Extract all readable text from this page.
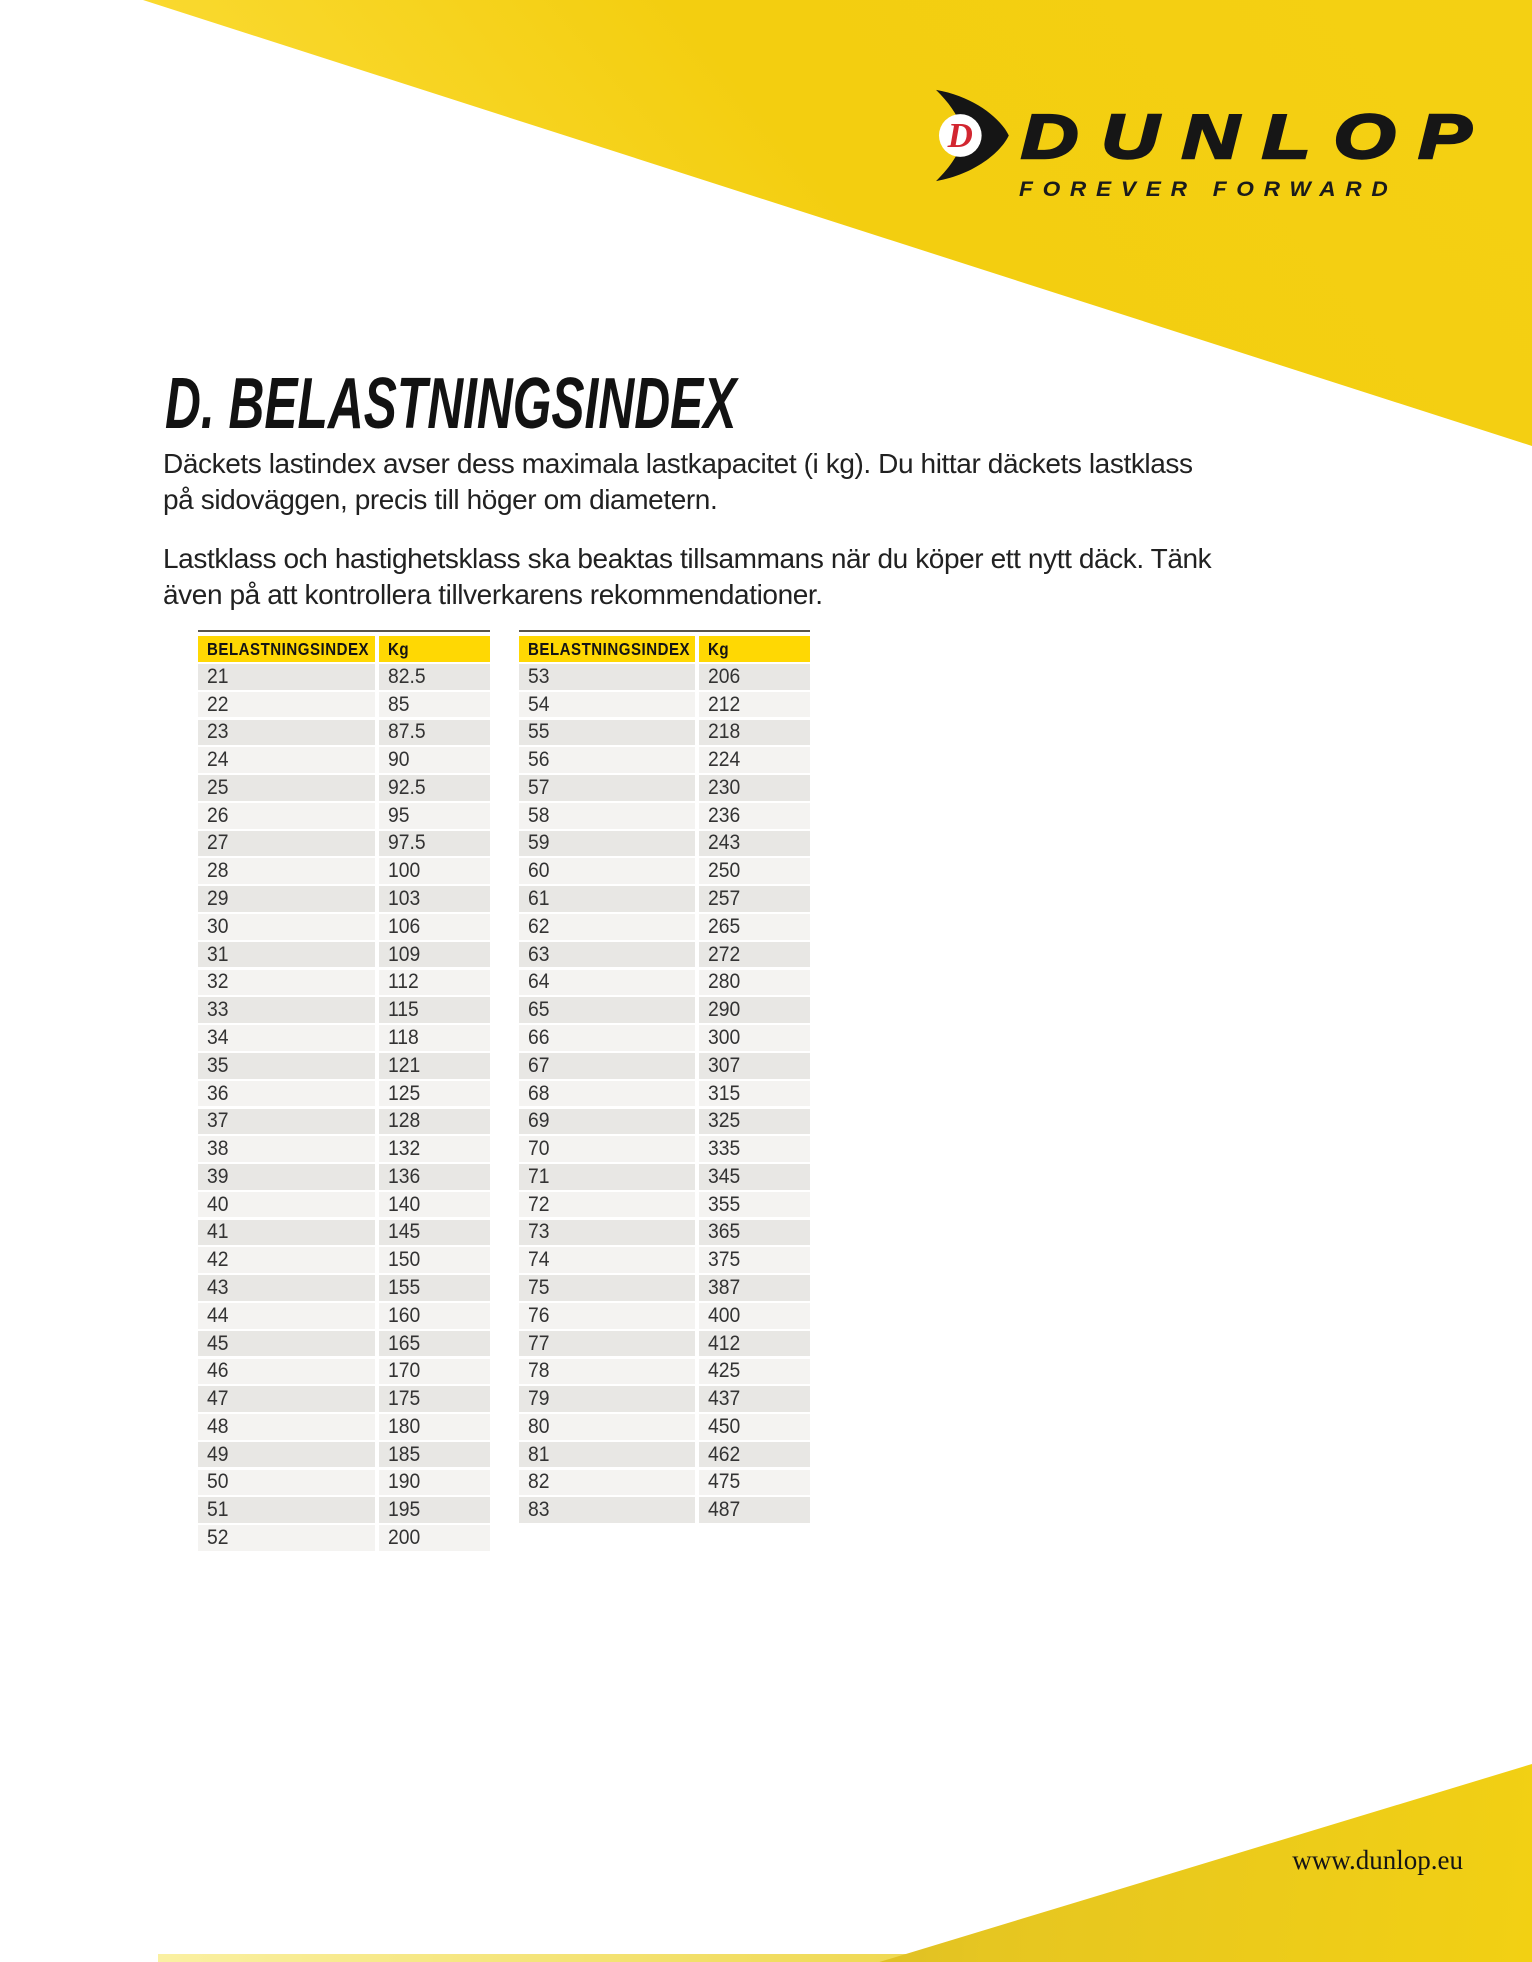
D DUNLOP
FOREVER FORWARD
D. BELASTNINGSINDEX

Däckets lastindex avser dess maximala lastkapacitet (i kg). Du hittar däckets lastklass
på sidoväggen, precis till höger om diametern.

Lastklass och hastighetsklass ska beaktas tillsammans när du köper ett nytt däck. Tänk
även på att kontrollera tillverkarens rekommendationer.

BELASTNINGSINDEX Kg
21	82.5
22	85
23	87.5
24	90
25	92.5
26	95
27	97.5
28	100
29	103
30	106
31	109
32	112
33	115
34	118
35	121
36	125
37	128
38	132
39	136
40	140
41	145
42	150
43	155
44	160
45	165
46	170
47	175
48	180
49	185
50	190
51	195
52	200
BELASTNINGSINDEX Kg
53	206
54	212
55	218
56	224
57	230
58	236
59	243
60	250
61	257
62	265
63	272
64	280
65	290
66	300
67	307
68	315
69	325
70	335
71	345
72	355
73	365
74	375
75	387
76	400
77	412
78	425
79	437
80	450
81	462
82	475
83	487
www.dunlop.eu
